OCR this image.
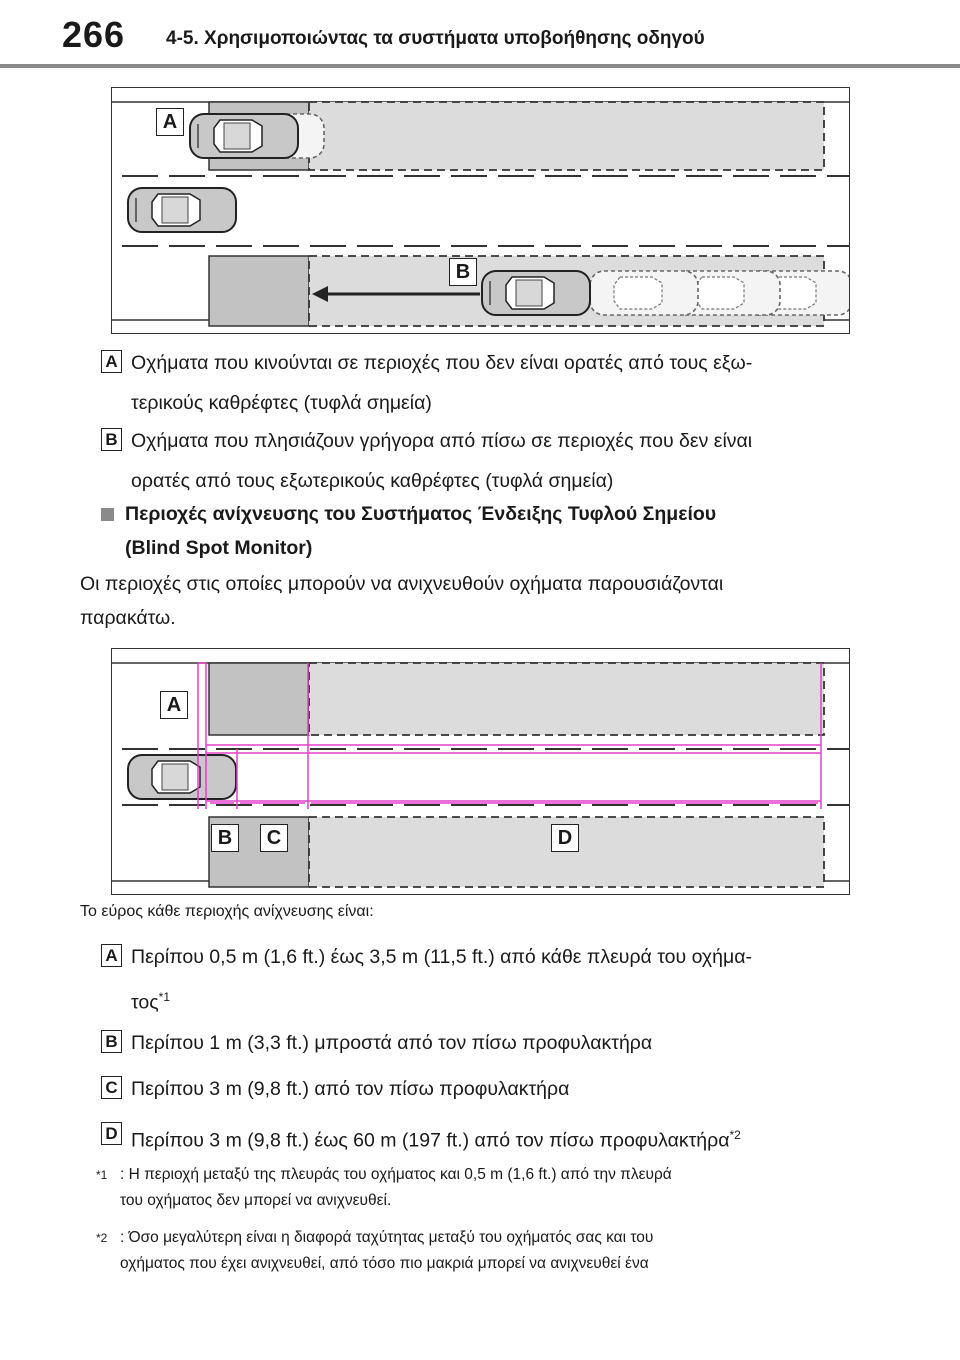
266 4-5. Χρησιμοποιώντας τα συστήματα υποβοήθησης οδηγού
A
B
A Οχήματα που κινούνται σε περιοχές που δεν είναι ορατές από τους εξω-
τερικούς καθρέφτες (τυφλά σημεία)
B Οχήματα που πλησιάζουν γρήγορα από πίσω σε περιοχές που δεν είναι
ορατές από τους εξωτερικούς καθρέφτες (τυφλά σημεία)
Περιοχές ανίχνευσης του Συστήματος Ένδειξης Τυφλού Σημείου
(Blind Spot Monitor)
Οι περιοχές στις οποίες μπορούν να ανιχνευθούν οχήματα παρουσιάζονται
παρακάτω.
A
B	C	D
Το εύρος κάθε περιοχής ανίχνευσης είναι:
A Περίπου 0,5 m (1,6 ft.) έως 3,5 m (11,5 ft.) από κάθε πλευρά του οχήμα-
τος$^{*1}$
B Περίπου 1 m (3,3 ft.) μπροστά από τον πίσω προφυλακτήρα
C Περίπου 3 m (9,8 ft.) από τον πίσω προφυλακτήρα
D Περίπου 3 m (9,8 ft.) έως 60 m (197 ft.) από τον πίσω προφυλακτήρα$^{*2}$
*1 : Η περιοχή μεταξύ της πλευράς του οχήματος και 0,5 m (1,6 ft.) από την πλευρά
του οχήματος δεν μπορεί να ανιχνευθεί.
*2 : Όσο μεγαλύτερη είναι η διαφορά ταχύτητας μεταξύ του οχήματός σας και του
οχήματος που έχει ανιχνευθεί, από τόσο πιο μακριά μπορεί να ανιχνευθεί ένα
